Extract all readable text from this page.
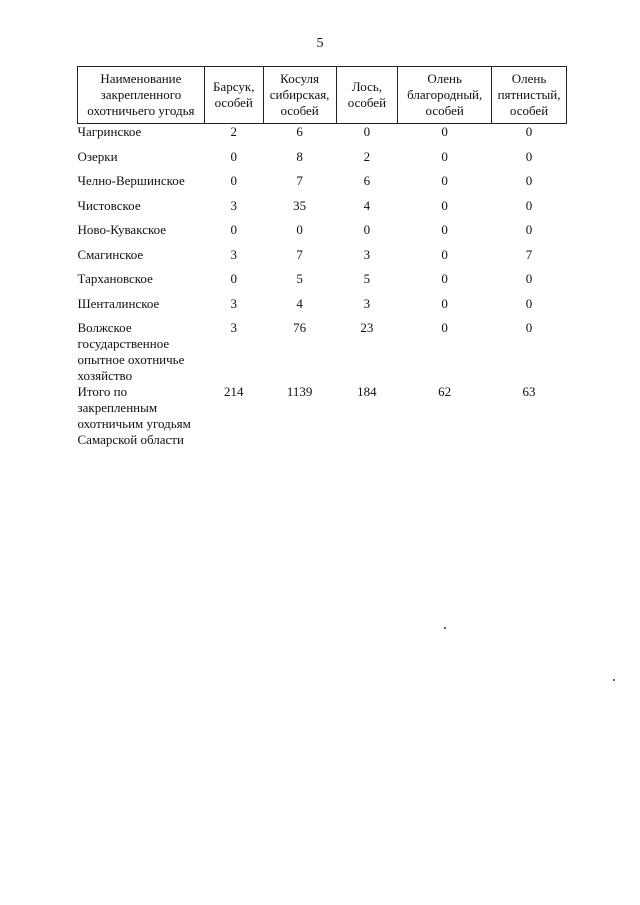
5
Наименование закрепленного охотничьего угодья	Барсук, особей	Косуля сибирская, особей	Лось, особей	Олень благородный, особей	Олень пятнистый, особей

Чагринское	2	6	0	0	0
Озерки	0	8	2	0	0
Челно-Вершинское	0	7	6	0	0
Чистовское	3	35	4	0	0
Ново-Кувакское	0	0	0	0	0
Смагинское	3	7	3	0	7
Тархановское	0	5	5	0	0
Шенталинское	3	4	3	0	0

Волжское государственное опытное охотничье хозяйство	3	76	23	0	0

Итого по закрепленным охотничьим угодьям Самарской области	214	1139	184	62	63
